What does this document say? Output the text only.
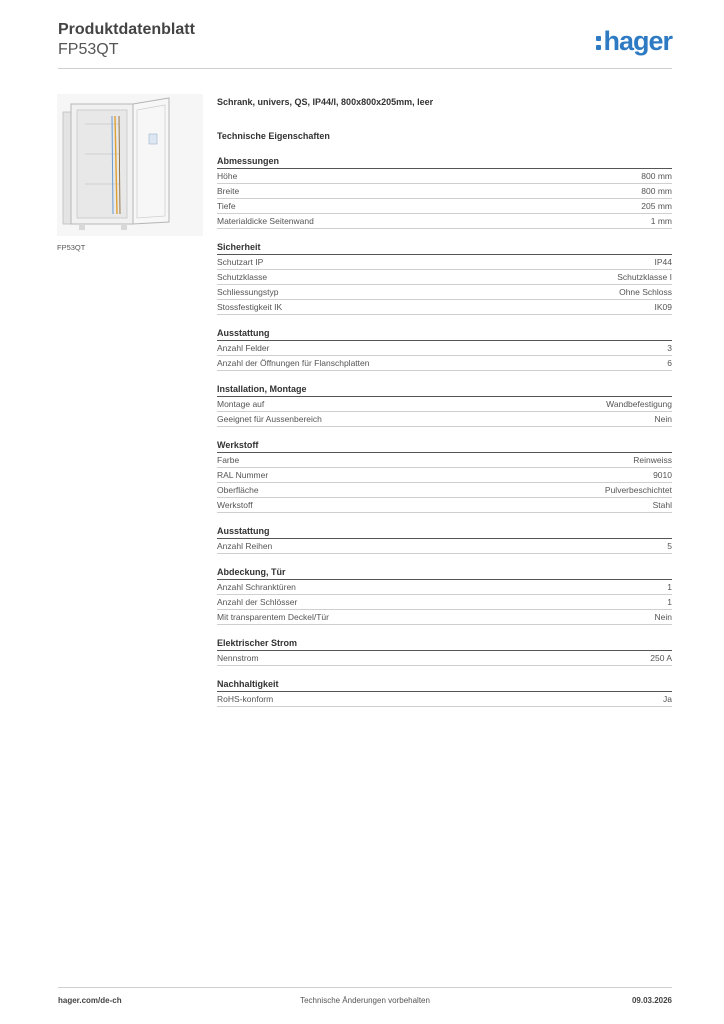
Produktdatenblatt
FP53QT	hager
FP53QT
Schrank, univers, QS, IP44/I, 800x800x205mm, leer
Technische Eigenschaften
Abmessungen
Höhe	800 mm
Breite	800 mm
Tiefe	205 mm
Materialdicke Seitenwand	1 mm
Sicherheit
Schutzart IP	IP44
Schutzklasse	Schutzklasse I
Schliessungstyp	Ohne Schloss
Stossfestigkeit IK	IK09
Ausstattung
Anzahl Felder	3
Anzahl der Öffnungen für Flanschplatten	6
Installation, Montage
Montage auf	Wandbefestigung
Geeignet für Aussenbereich	Nein
Werkstoff
Farbe	Reinweiss
RAL Nummer	9010
Oberfläche	Pulverbeschichtet
Werkstoff	Stahl
Ausstattung
Anzahl Reihen	5
Abdeckung, Tür
Anzahl Schranktüren	1
Anzahl der Schlösser	1
Mit transparentem Deckel/Tür	Nein
Elektrischer Strom
Nennstrom	250 A
Nachhaltigkeit
RoHS-konform	Ja
hager.com/de-ch	Technische Änderungen vorbehalten	09.03.2026
